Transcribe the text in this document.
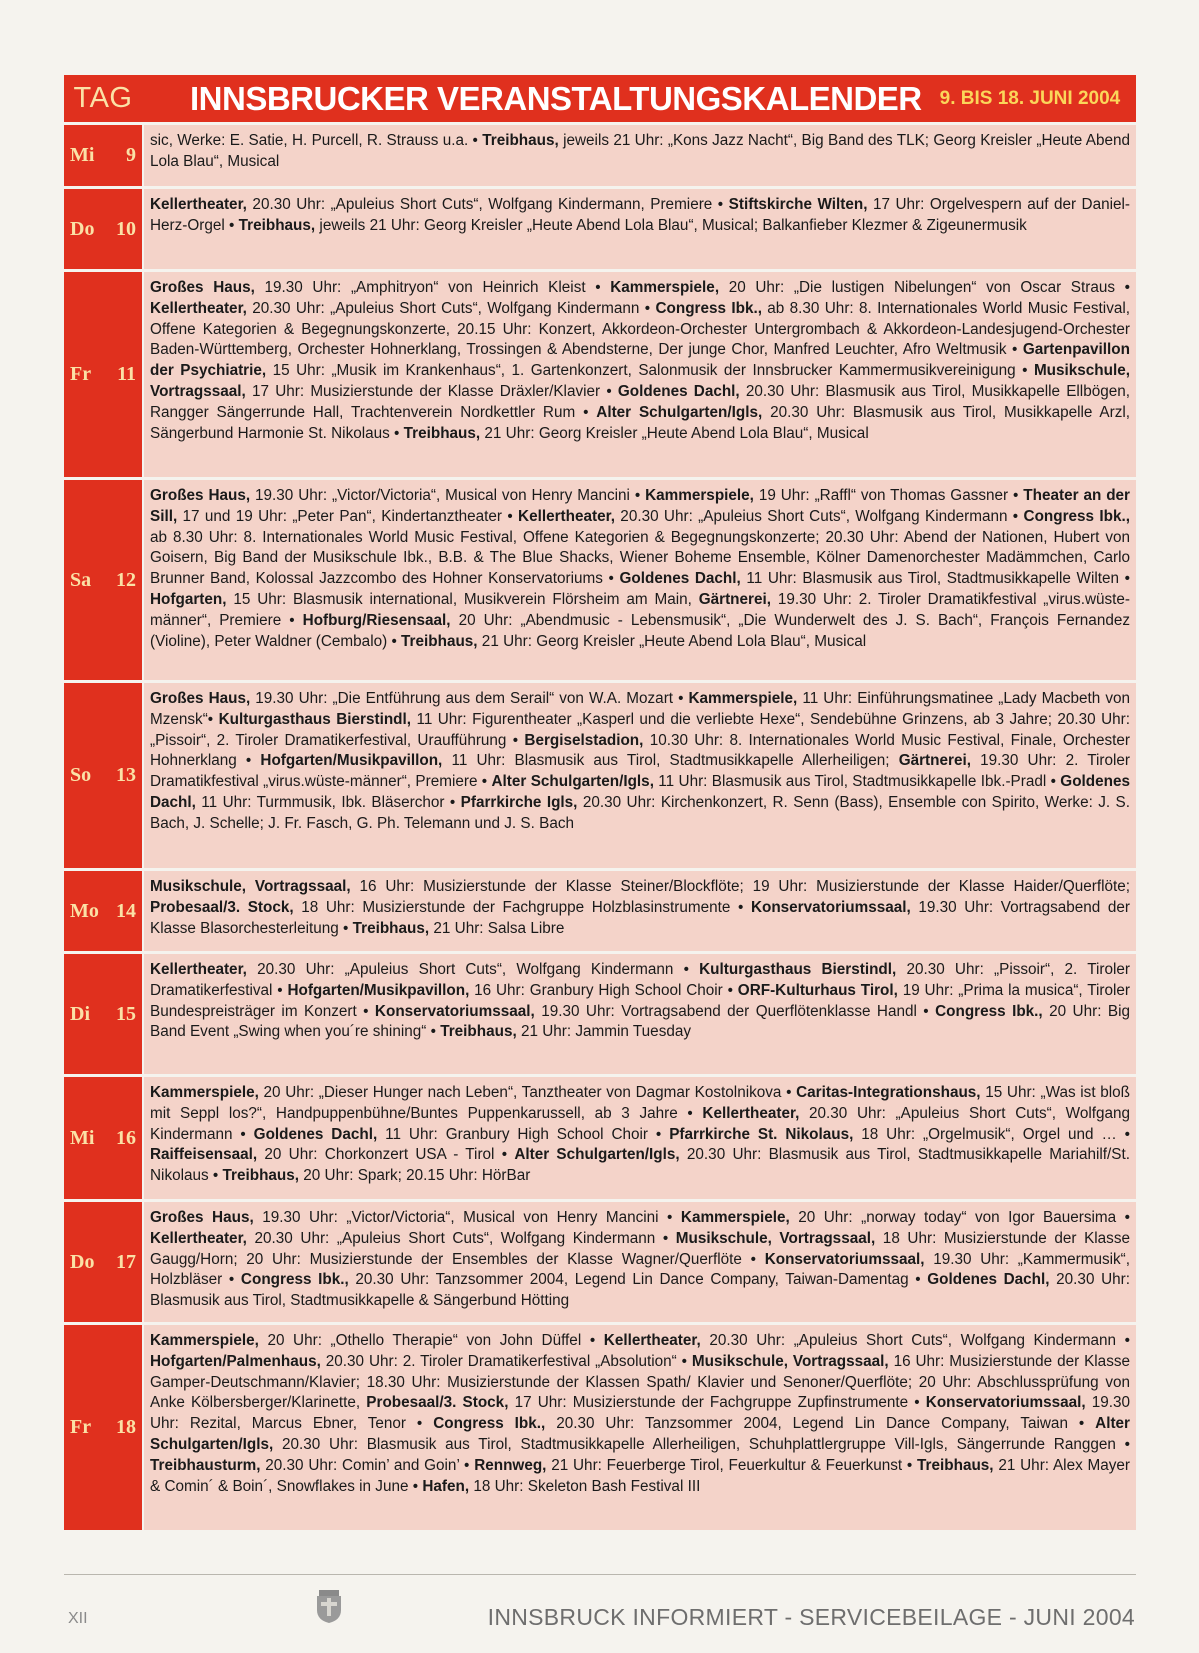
TAG INNSBRUCKER VERANSTALTUNGSKALENDER 9. BIS 18. JUNI 2004
Mi 9
sic, Werke: E. Satie, H. Purcell, R. Strauss u.a. • Treibhaus, jeweils 21 Uhr: „Kons Jazz Nacht“, Big Band des TLK; Georg Kreisler „Heute Abend Lola Blau“, Musical
Do 10
Kellertheater, 20.30 Uhr: „Apuleius Short Cuts“, Wolfgang Kindermann, Premiere • Stiftskirche Wilten, 17 Uhr: Orgelvespern auf der Daniel-Herz-Orgel • Treibhaus, jeweils 21 Uhr: Georg Kreisler „Heute Abend Lola Blau“, Musical; Balkanfieber Klezmer & Zigeunermusik
Fr 11
Großes Haus, 19.30 Uhr: „Amphitryon“ von Heinrich Kleist • Kammerspiele, 20 Uhr: „Die lustigen Nibelungen“ von Oscar Straus • Kellertheater, 20.30 Uhr: „Apuleius Short Cuts“, Wolfgang Kindermann • Congress Ibk., ab 8.30 Uhr: 8. Internationales World Music Festival, Offene Kategorien & Begegnungskonzerte, 20.15 Uhr: Konzert, Akkordeon-Orchester Untergrombach & Akkordeon-Landesjugend-Orchester Baden-Württemberg, Orchester Hohnerklang, Trossingen & Abendsterne, Der junge Chor, Manfred Leuchter, Afro Weltmusik • Gartenpavillon der Psychiatrie, 15 Uhr: „Musik im Krankenhaus“, 1. Gartenkonzert, Salonmusik der Innsbrucker Kammermusikvereinigung • Musikschule, Vortragssaal, 17 Uhr: Musizierstunde der Klasse Dräxler/Klavier • Goldenes Dachl, 20.30 Uhr: Blasmusik aus Tirol, Musikkapelle Ellbögen, Rangger Sängerrunde Hall, Trachtenverein Nordkettler Rum • Alter Schulgarten/Igls, 20.30 Uhr: Blasmusik aus Tirol, Musikkapelle Arzl, Sängerbund Harmonie St. Nikolaus • Treibhaus, 21 Uhr: Georg Kreisler „Heute Abend Lola Blau“, Musical
Sa 12
Großes Haus, 19.30 Uhr: „Victor/Victoria“, Musical von Henry Mancini • Kammerspiele, 19 Uhr: „Raffl“ von Thomas Gassner • Theater an der Sill, 17 und 19 Uhr: „Peter Pan“, Kindertanztheater • Kellertheater, 20.30 Uhr: „Apuleius Short Cuts“, Wolfgang Kindermann • Congress Ibk., ab 8.30 Uhr: 8. Internationales World Music Festival, Offene Kategorien & Begegnungskonzerte; 20.30 Uhr: Abend der Nationen, Hubert von Goisern, Big Band der Musikschule Ibk., B.B. & The Blue Shacks, Wiener Boheme Ensemble, Kölner Damenorchester Madämmchen, Carlo Brunner Band, Kolossal Jazzcombo des Hohner Konservatoriums • Goldenes Dachl, 11 Uhr: Blasmusik aus Tirol, Stadtmusikkapelle Wilten • Hofgarten, 15 Uhr: Blasmusik international, Musikverein Flörsheim am Main, Gärtnerei, 19.30 Uhr: 2. Tiroler Dramatikfestival „virus.wüste-männer“, Premiere • Hofburg/Riesensaal, 20 Uhr: „Abendmusic - Lebensmusik“, „Die Wunderwelt des J. S. Bach“, François Fernandez (Violine), Peter Waldner (Cembalo) • Treibhaus, 21 Uhr: Georg Kreisler „Heute Abend Lola Blau“, Musical
So 13
Großes Haus, 19.30 Uhr: „Die Entführung aus dem Serail“ von W.A. Mozart • Kammerspiele, 11 Uhr: Einführungsmatinee „Lady Macbeth von Mzensk“• Kulturgasthaus Bierstindl, 11 Uhr: Figurentheater „Kasperl und die verliebte Hexe“, Sendebühne Grinzens, ab 3 Jahre; 20.30 Uhr: „Pissoir“, 2. Tiroler Dramatikerfestival, Uraufführung • Bergiselstadion, 10.30 Uhr: 8. Internationales World Music Festival, Finale, Orchester Hohnerklang • Hofgarten/Musikpavillon, 11 Uhr: Blasmusik aus Tirol, Stadtmusikkapelle Allerheiligen; Gärtnerei, 19.30 Uhr: 2. Tiroler Dramatikfestival „virus.wüste-männer“, Premiere • Alter Schulgarten/Igls, 11 Uhr: Blasmusik aus Tirol, Stadtmusikkapelle Ibk.-Pradl • Goldenes Dachl, 11 Uhr: Turmmusik, Ibk. Bläserchor • Pfarrkirche Igls, 20.30 Uhr: Kirchenkonzert, R. Senn (Bass), Ensemble con Spirito, Werke: J. S. Bach, J. Schelle; J. Fr. Fasch, G. Ph. Telemann und J. S. Bach
Mo 14
Musikschule, Vortragssaal, 16 Uhr: Musizierstunde der Klasse Steiner/Blockflöte; 19 Uhr: Musizierstunde der Klasse Haider/Querflöte; Probesaal/3. Stock, 18 Uhr: Musizierstunde der Fachgruppe Holzblasinstrumente • Konservatoriumssaal, 19.30 Uhr: Vortragsabend der Klasse Blasorchesterleitung • Treibhaus, 21 Uhr: Salsa Libre
Di 15
Kellertheater, 20.30 Uhr: „Apuleius Short Cuts“, Wolfgang Kindermann • Kulturgasthaus Bierstindl, 20.30 Uhr: „Pissoir“, 2. Tiroler Dramatikerfestival • Hofgarten/Musikpavillon, 16 Uhr: Granbury High School Choir • ORF-Kulturhaus Tirol, 19 Uhr: „Prima la musica“, Tiroler Bundespreisträger im Konzert • Konservatoriumssaal, 19.30 Uhr: Vortragsabend der Querflötenklasse Handl • Congress Ibk., 20 Uhr: Big Band Event „Swing when you´re shining“ • Treibhaus, 21 Uhr: Jammin Tuesday
Mi 16
Kammerspiele, 20 Uhr: „Dieser Hunger nach Leben“, Tanztheater von Dagmar Kostolnikova • Caritas-Integrationshaus, 15 Uhr: „Was ist bloß mit Seppl los?“, Handpuppenbühne/Buntes Puppenkarussell, ab 3 Jahre • Kellertheater, 20.30 Uhr: „Apuleius Short Cuts“, Wolfgang Kindermann • Goldenes Dachl, 11 Uhr: Granbury High School Choir • Pfarrkirche St. Nikolaus, 18 Uhr: „Orgelmusik“, Orgel und … • Raiffeisensaal, 20 Uhr: Chorkonzert USA - Tirol • Alter Schulgarten/Igls, 20.30 Uhr: Blasmusik aus Tirol, Stadtmusikkapelle Mariahilf/St. Nikolaus • Treibhaus, 20 Uhr: Spark; 20.15 Uhr: HörBar
Do 17
Großes Haus, 19.30 Uhr: „Victor/Victoria“, Musical von Henry Mancini • Kammerspiele, 20 Uhr: „norway today“ von Igor Bauersima • Kellertheater, 20.30 Uhr: „Apuleius Short Cuts“, Wolfgang Kindermann • Musikschule, Vortragssaal, 18 Uhr: Musizierstunde der Klasse Gaugg/Horn; 20 Uhr: Musizierstunde der Ensembles der Klasse Wagner/Querflöte • Konservatoriumssaal, 19.30 Uhr: „Kammermusik“, Holzbläser • Congress Ibk., 20.30 Uhr: Tanzsommer 2004, Legend Lin Dance Company, Taiwan-Damentag • Goldenes Dachl, 20.30 Uhr: Blasmusik aus Tirol, Stadtmusikkapelle & Sängerbund Hötting
Fr 18
Kammerspiele, 20 Uhr: „Othello Therapie“ von John Düffel • Kellertheater, 20.30 Uhr: „Apuleius Short Cuts“, Wolfgang Kindermann • Hofgarten/Palmenhaus, 20.30 Uhr: 2. Tiroler Dramatikerfestival „Absolution“ • Musikschule, Vortragssaal, 16 Uhr: Musizierstunde der Klasse Gamper-Deutschmann/Klavier; 18.30 Uhr: Musizierstunde der Klassen Spath/ Klavier und Senoner/Querflöte; 20 Uhr: Abschlussprüfung von Anke Kölbersberger/Klarinette, Probesaal/3. Stock, 17 Uhr: Musizierstunde der Fachgruppe Zupfinstrumente • Konservatoriumssaal, 19.30 Uhr: Rezital, Marcus Ebner, Tenor • Congress Ibk., 20.30 Uhr: Tanzsommer 2004, Legend Lin Dance Company, Taiwan • Alter Schulgarten/Igls, 20.30 Uhr: Blasmusik aus Tirol, Stadtmusikkapelle Allerheiligen, Schuhplattlergruppe Vill-Igls, Sängerrunde Ranggen • Treibhausturm, 20.30 Uhr: Comin’ and Goin’ • Rennweg, 21 Uhr: Feuerberge Tirol, Feuerkultur & Feuerkunst • Treibhaus, 21 Uhr: Alex Mayer & Comin´ & Boin´, Snowflakes in June • Hafen, 18 Uhr: Skeleton Bash Festival III
XII	INNSBRUCK INFORMIERT - SERVICEBEILAGE - JUNI 2004
